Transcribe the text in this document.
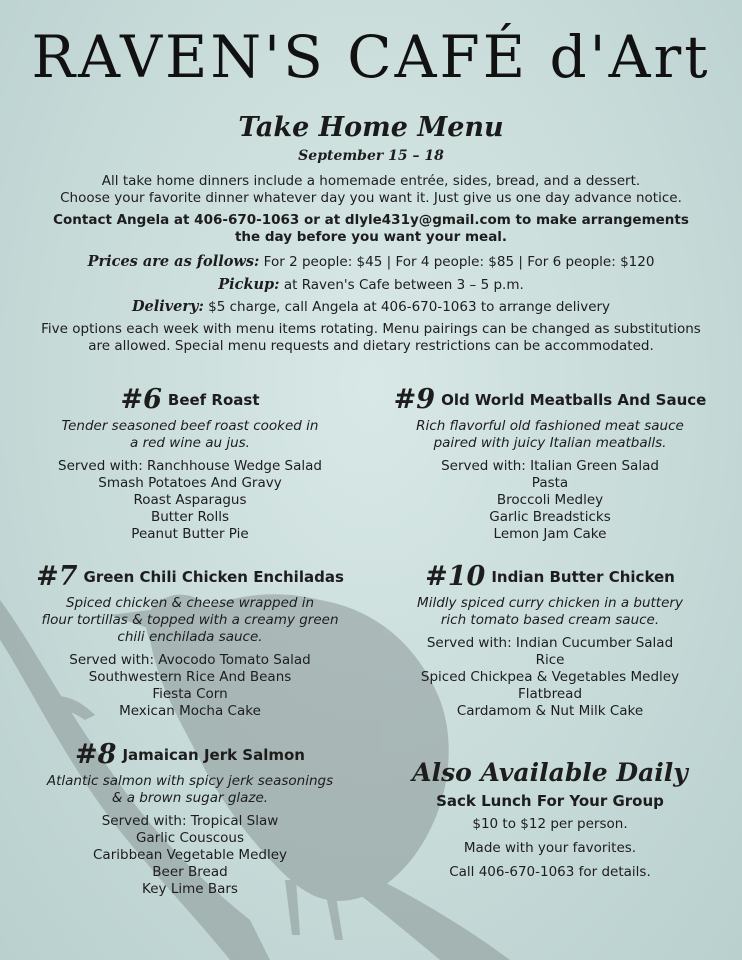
RAVEN'S CAFÉ d'Art
Take Home Menu
September 15 – 18
All take home dinners include a homemade entrée, sides, bread, and a dessert.
Choose your favorite dinner whatever day you want it. Just give us one day advance notice.
Contact Angela at 406-670-1063 or at dlyle431y@gmail.com to make arrangements
the day before you want your meal.
Prices are as follows: For 2 people: $45 | For 4 people: $85 | For 6 people: $120
Pickup: at Raven's Cafe between 3 – 5 p.m.
Delivery: $5 charge, call Angela at 406-670-1063 to arrange delivery
Five options each week with menu items rotating. Menu pairings can be changed as substitutions
are allowed. Special menu requests and dietary restrictions can be accommodated.
#6 Beef Roast
Tender seasoned beef roast cooked in
a red wine au jus.
Served with: Ranchhouse Wedge Salad
Smash Potatoes And Gravy
Roast Asparagus
Butter Rolls
Peanut Butter Pie
#9 Old World Meatballs And Sauce
Rich flavorful old fashioned meat sauce
paired with juicy Italian meatballs.
Served with: Italian Green Salad
Pasta
Broccoli Medley
Garlic Breadsticks
Lemon Jam Cake
#7 Green Chili Chicken Enchiladas
Spiced chicken & cheese wrapped in
flour tortillas & topped with a creamy green
chili enchilada sauce.
Served with: Avocodo Tomato Salad
Southwestern Rice And Beans
Fiesta Corn
Mexican Mocha Cake
#10 Indian Butter Chicken
Mildly spiced curry chicken in a buttery
rich tomato based cream sauce.
Served with: Indian Cucumber Salad
Rice
Spiced Chickpea & Vegetables Medley
Flatbread
Cardamom & Nut Milk Cake
#8 Jamaican Jerk Salmon
Atlantic salmon with spicy jerk seasonings
& a brown sugar glaze.
Served with: Tropical Slaw
Garlic Couscous
Caribbean Vegetable Medley
Beer Bread
Key Lime Bars
Also Available Daily
Sack Lunch For Your Group
$10 to $12 per person.
Made with your favorites.
Call 406-670-1063 for details.
